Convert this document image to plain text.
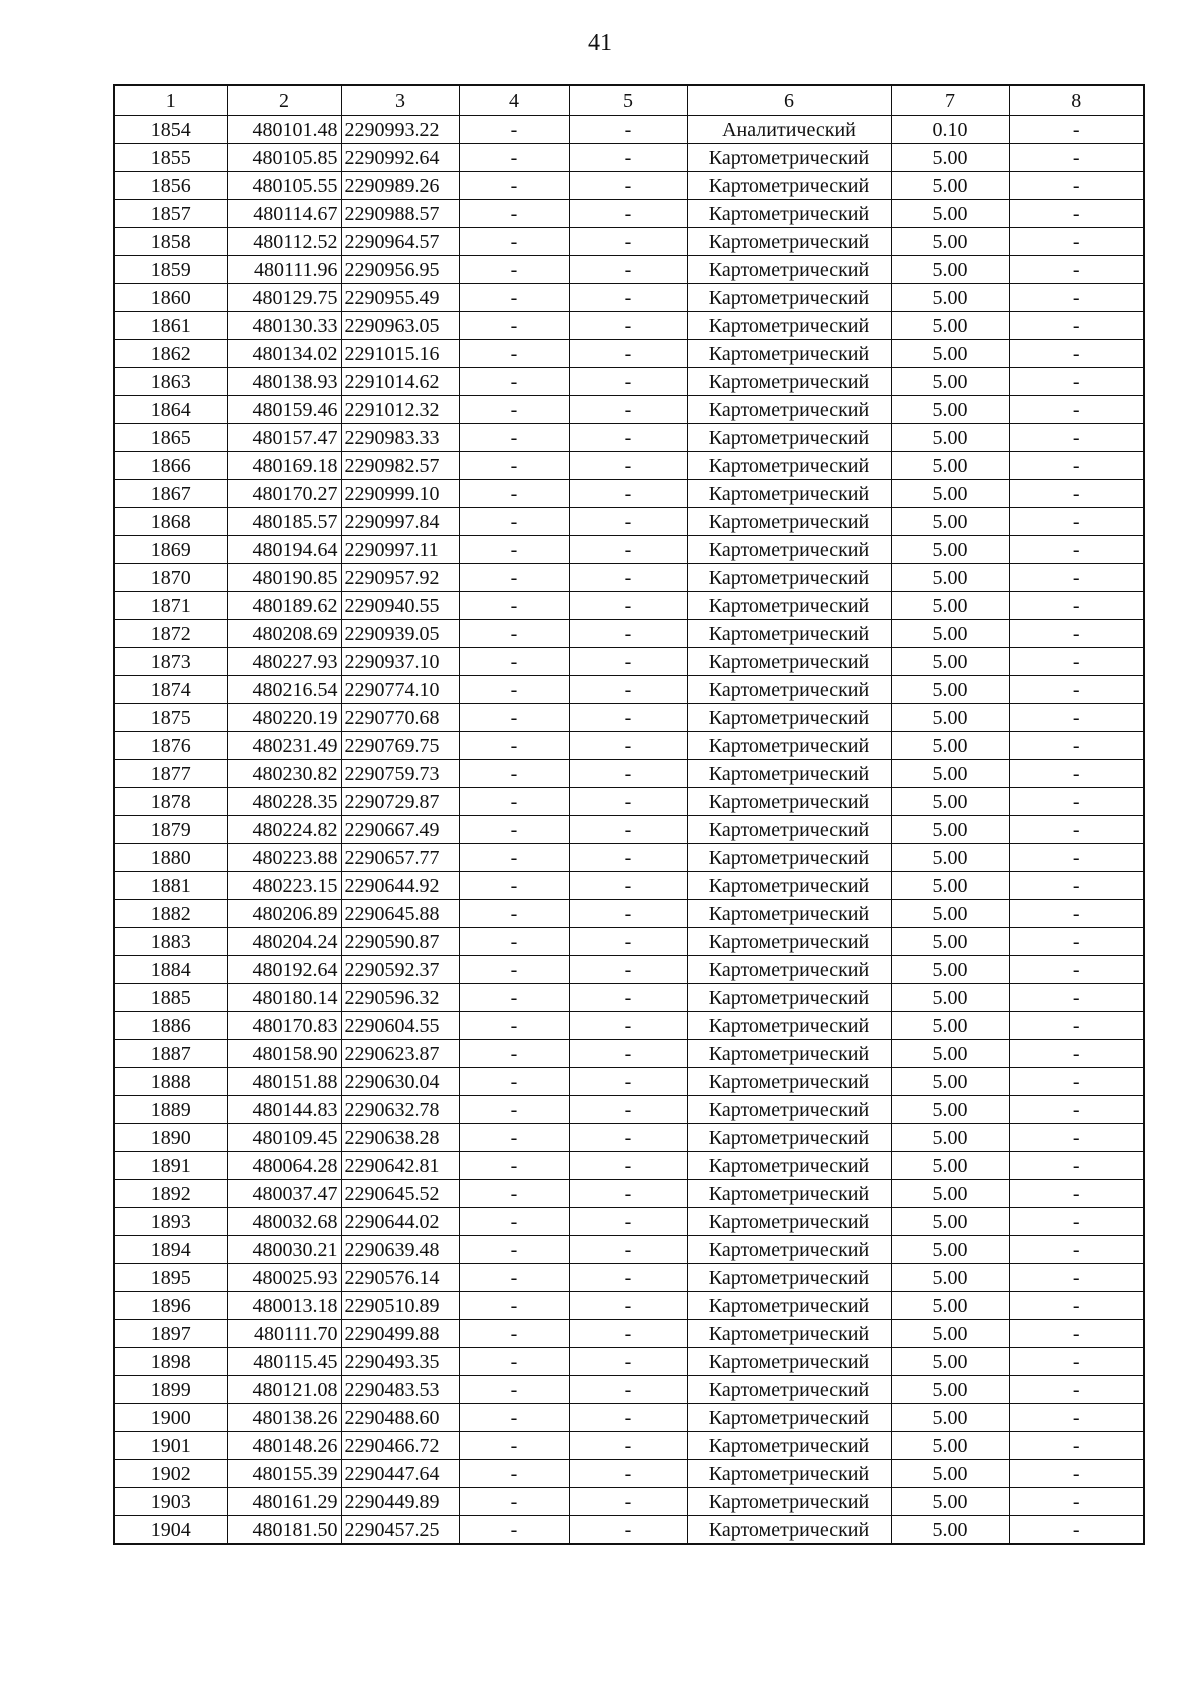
41
1	2	3	4	5	6	7	8
1854	480101.48	2290993.22	-	-	Аналитический	0.10	-
1855	480105.85	2290992.64	-	-	Картометрический	5.00	-
1856	480105.55	2290989.26	-	-	Картометрический	5.00	-
1857	480114.67	2290988.57	-	-	Картометрический	5.00	-
1858	480112.52	2290964.57	-	-	Картометрический	5.00	-
1859	480111.96	2290956.95	-	-	Картометрический	5.00	-
1860	480129.75	2290955.49	-	-	Картометрический	5.00	-
1861	480130.33	2290963.05	-	-	Картометрический	5.00	-
1862	480134.02	2291015.16	-	-	Картометрический	5.00	-
1863	480138.93	2291014.62	-	-	Картометрический	5.00	-
1864	480159.46	2291012.32	-	-	Картометрический	5.00	-
1865	480157.47	2290983.33	-	-	Картометрический	5.00	-
1866	480169.18	2290982.57	-	-	Картометрический	5.00	-
1867	480170.27	2290999.10	-	-	Картометрический	5.00	-
1868	480185.57	2290997.84	-	-	Картометрический	5.00	-
1869	480194.64	2290997.11	-	-	Картометрический	5.00	-
1870	480190.85	2290957.92	-	-	Картометрический	5.00	-
1871	480189.62	2290940.55	-	-	Картометрический	5.00	-
1872	480208.69	2290939.05	-	-	Картометрический	5.00	-
1873	480227.93	2290937.10	-	-	Картометрический	5.00	-
1874	480216.54	2290774.10	-	-	Картометрический	5.00	-
1875	480220.19	2290770.68	-	-	Картометрический	5.00	-
1876	480231.49	2290769.75	-	-	Картометрический	5.00	-
1877	480230.82	2290759.73	-	-	Картометрический	5.00	-
1878	480228.35	2290729.87	-	-	Картометрический	5.00	-
1879	480224.82	2290667.49	-	-	Картометрический	5.00	-
1880	480223.88	2290657.77	-	-	Картометрический	5.00	-
1881	480223.15	2290644.92	-	-	Картометрический	5.00	-
1882	480206.89	2290645.88	-	-	Картометрический	5.00	-
1883	480204.24	2290590.87	-	-	Картометрический	5.00	-
1884	480192.64	2290592.37	-	-	Картометрический	5.00	-
1885	480180.14	2290596.32	-	-	Картометрический	5.00	-
1886	480170.83	2290604.55	-	-	Картометрический	5.00	-
1887	480158.90	2290623.87	-	-	Картометрический	5.00	-
1888	480151.88	2290630.04	-	-	Картометрический	5.00	-
1889	480144.83	2290632.78	-	-	Картометрический	5.00	-
1890	480109.45	2290638.28	-	-	Картометрический	5.00	-
1891	480064.28	2290642.81	-	-	Картометрический	5.00	-
1892	480037.47	2290645.52	-	-	Картометрический	5.00	-
1893	480032.68	2290644.02	-	-	Картометрический	5.00	-
1894	480030.21	2290639.48	-	-	Картометрический	5.00	-
1895	480025.93	2290576.14	-	-	Картометрический	5.00	-
1896	480013.18	2290510.89	-	-	Картометрический	5.00	-
1897	480111.70	2290499.88	-	-	Картометрический	5.00	-
1898	480115.45	2290493.35	-	-	Картометрический	5.00	-
1899	480121.08	2290483.53	-	-	Картометрический	5.00	-
1900	480138.26	2290488.60	-	-	Картометрический	5.00	-
1901	480148.26	2290466.72	-	-	Картометрический	5.00	-
1902	480155.39	2290447.64	-	-	Картометрический	5.00	-
1903	480161.29	2290449.89	-	-	Картометрический	5.00	-
1904	480181.50	2290457.25	-	-	Картометрический	5.00	-
